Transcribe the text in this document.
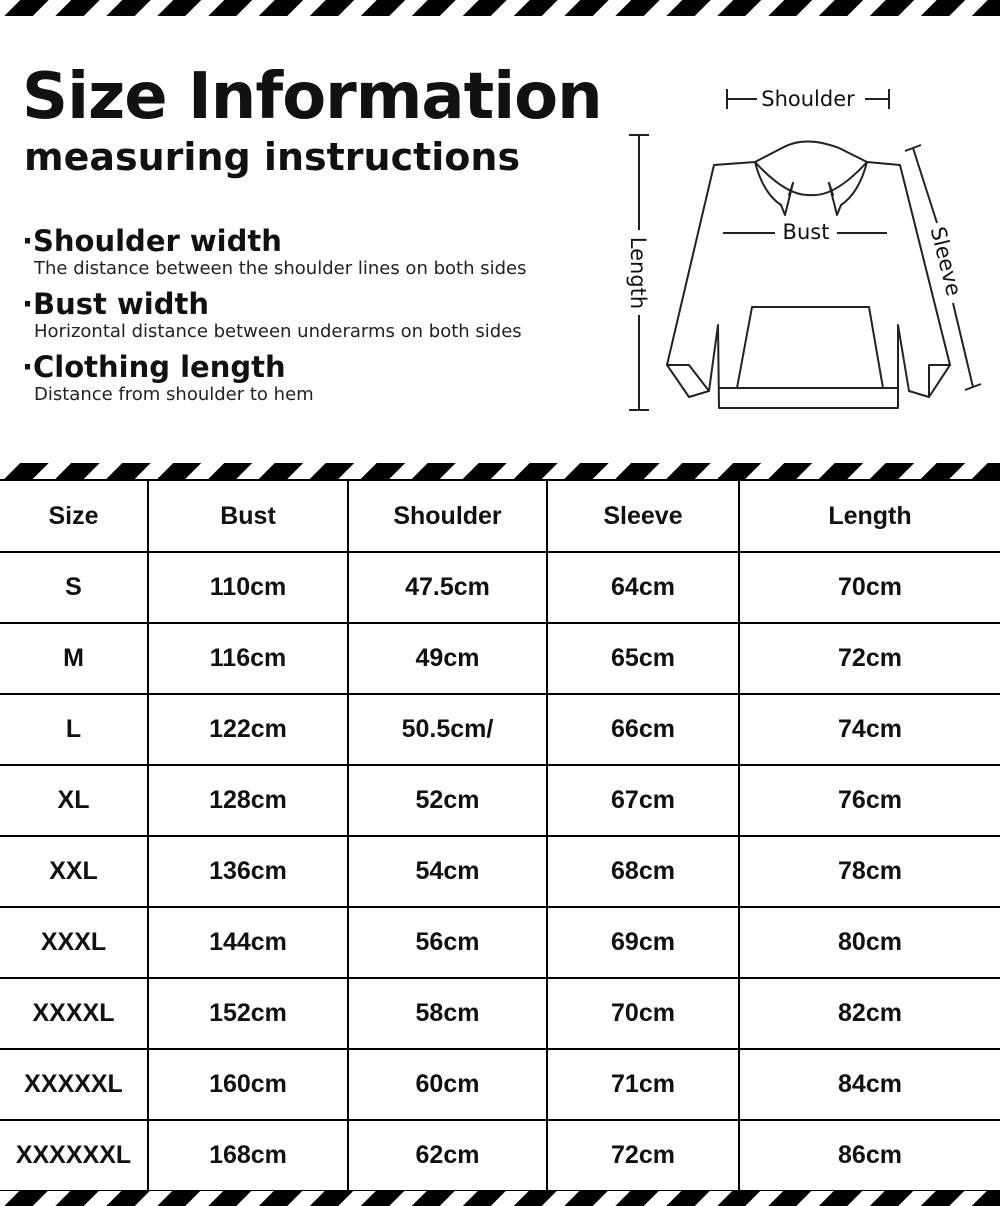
Size Information
measuring instructions
·Shoulder width
The distance between the shoulder lines on both sides
·Bust width
Horizontal distance between underarms on both sides
·Clothing length
Distance from shoulder to hem
Shoulder
Bust
Length	Sleeve
Size	Bust	Shoulder	Sleeve	Length
S	110cm	47.5cm	64cm	70cm
M	116cm	49cm	65cm	72cm
L	122cm	50.5cm/	66cm	74cm
XL	128cm	52cm	67cm	76cm
XXL	136cm	54cm	68cm	78cm
XXXL	144cm	56cm	69cm	80cm
XXXXL	152cm	58cm	70cm	82cm
XXXXXL	160cm	60cm	71cm	84cm
XXXXXXL	168cm	62cm	72cm	86cm
